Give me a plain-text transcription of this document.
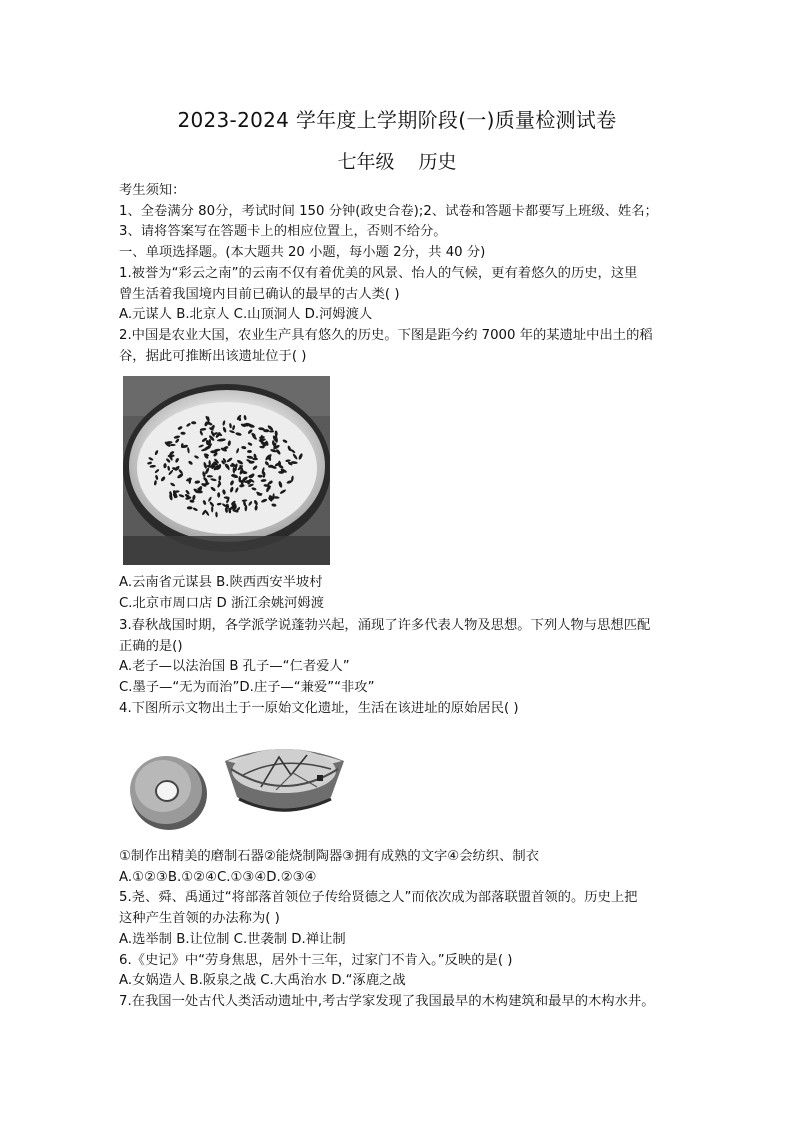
2023-2024 学年度上学期阶段(一)质量检测试卷
七年级 历史
考生须知：
1、全卷满分 80分，考试时间 150 分钟(政史合卷);2、试卷和答题卡都要写上班级、姓名；
3、请将答案写在答题卡上的相应位置上，否则不给分。
一、单项选择题。(本大题共 20 小题，每小题 2分，共 40 分)
1.被誉为“彩云之南”的云南不仅有着优美的风景、怡人的气候，更有着悠久的历史，这里
曾生活着我国境内目前已确认的最早的古人类( )
A.元谋人 B.北京人 C.山顶洞人 D.河姆渡人
2.中国是农业大国，农业生产具有悠久的历史。下图是距今约 7000 年的某遗址中出土的稻
谷，据此可推断出该遗址位于( )
A.云南省元谋县 B.陕西西安半坡村
C.北京市周口店 D 浙江余姚河姆渡
3.春秋战国时期，各学派学说蓬勃兴起，涌现了许多代表人物及思想。下列人物与思想匹配
正确的是()
A.老子—以法治国 B 孔子—“仁者爱人”
C.墨子—“无为而治”D.庄子—“兼爱”“非攻”
4.下图所示文物出土于一原始文化遗址，生活在该进址的原始居民( )
①制作出精美的磨制石器②能烧制陶器③拥有成熟的文字④会纺织、制衣
A.①②③B.①②④C.①③④D.②③④
5.尧、舜、禹通过“将部落首领位子传给贤德之人”而依次成为部落联盟首领的。历史上把
这种产生首领的办法称为( )
A.选举制 B.让位制 C.世袭制 D.禅让制
6.《史记》中“劳身焦思，居外十三年，过家门不肯入。”反映的是( )
A.女娲造人 B.阪泉之战 C.大禹治水 D.“涿鹿之战
7.在我国一处古代人类活动遗址中,考古学家发现了我国最早的木构建筑和最早的木构水井。
